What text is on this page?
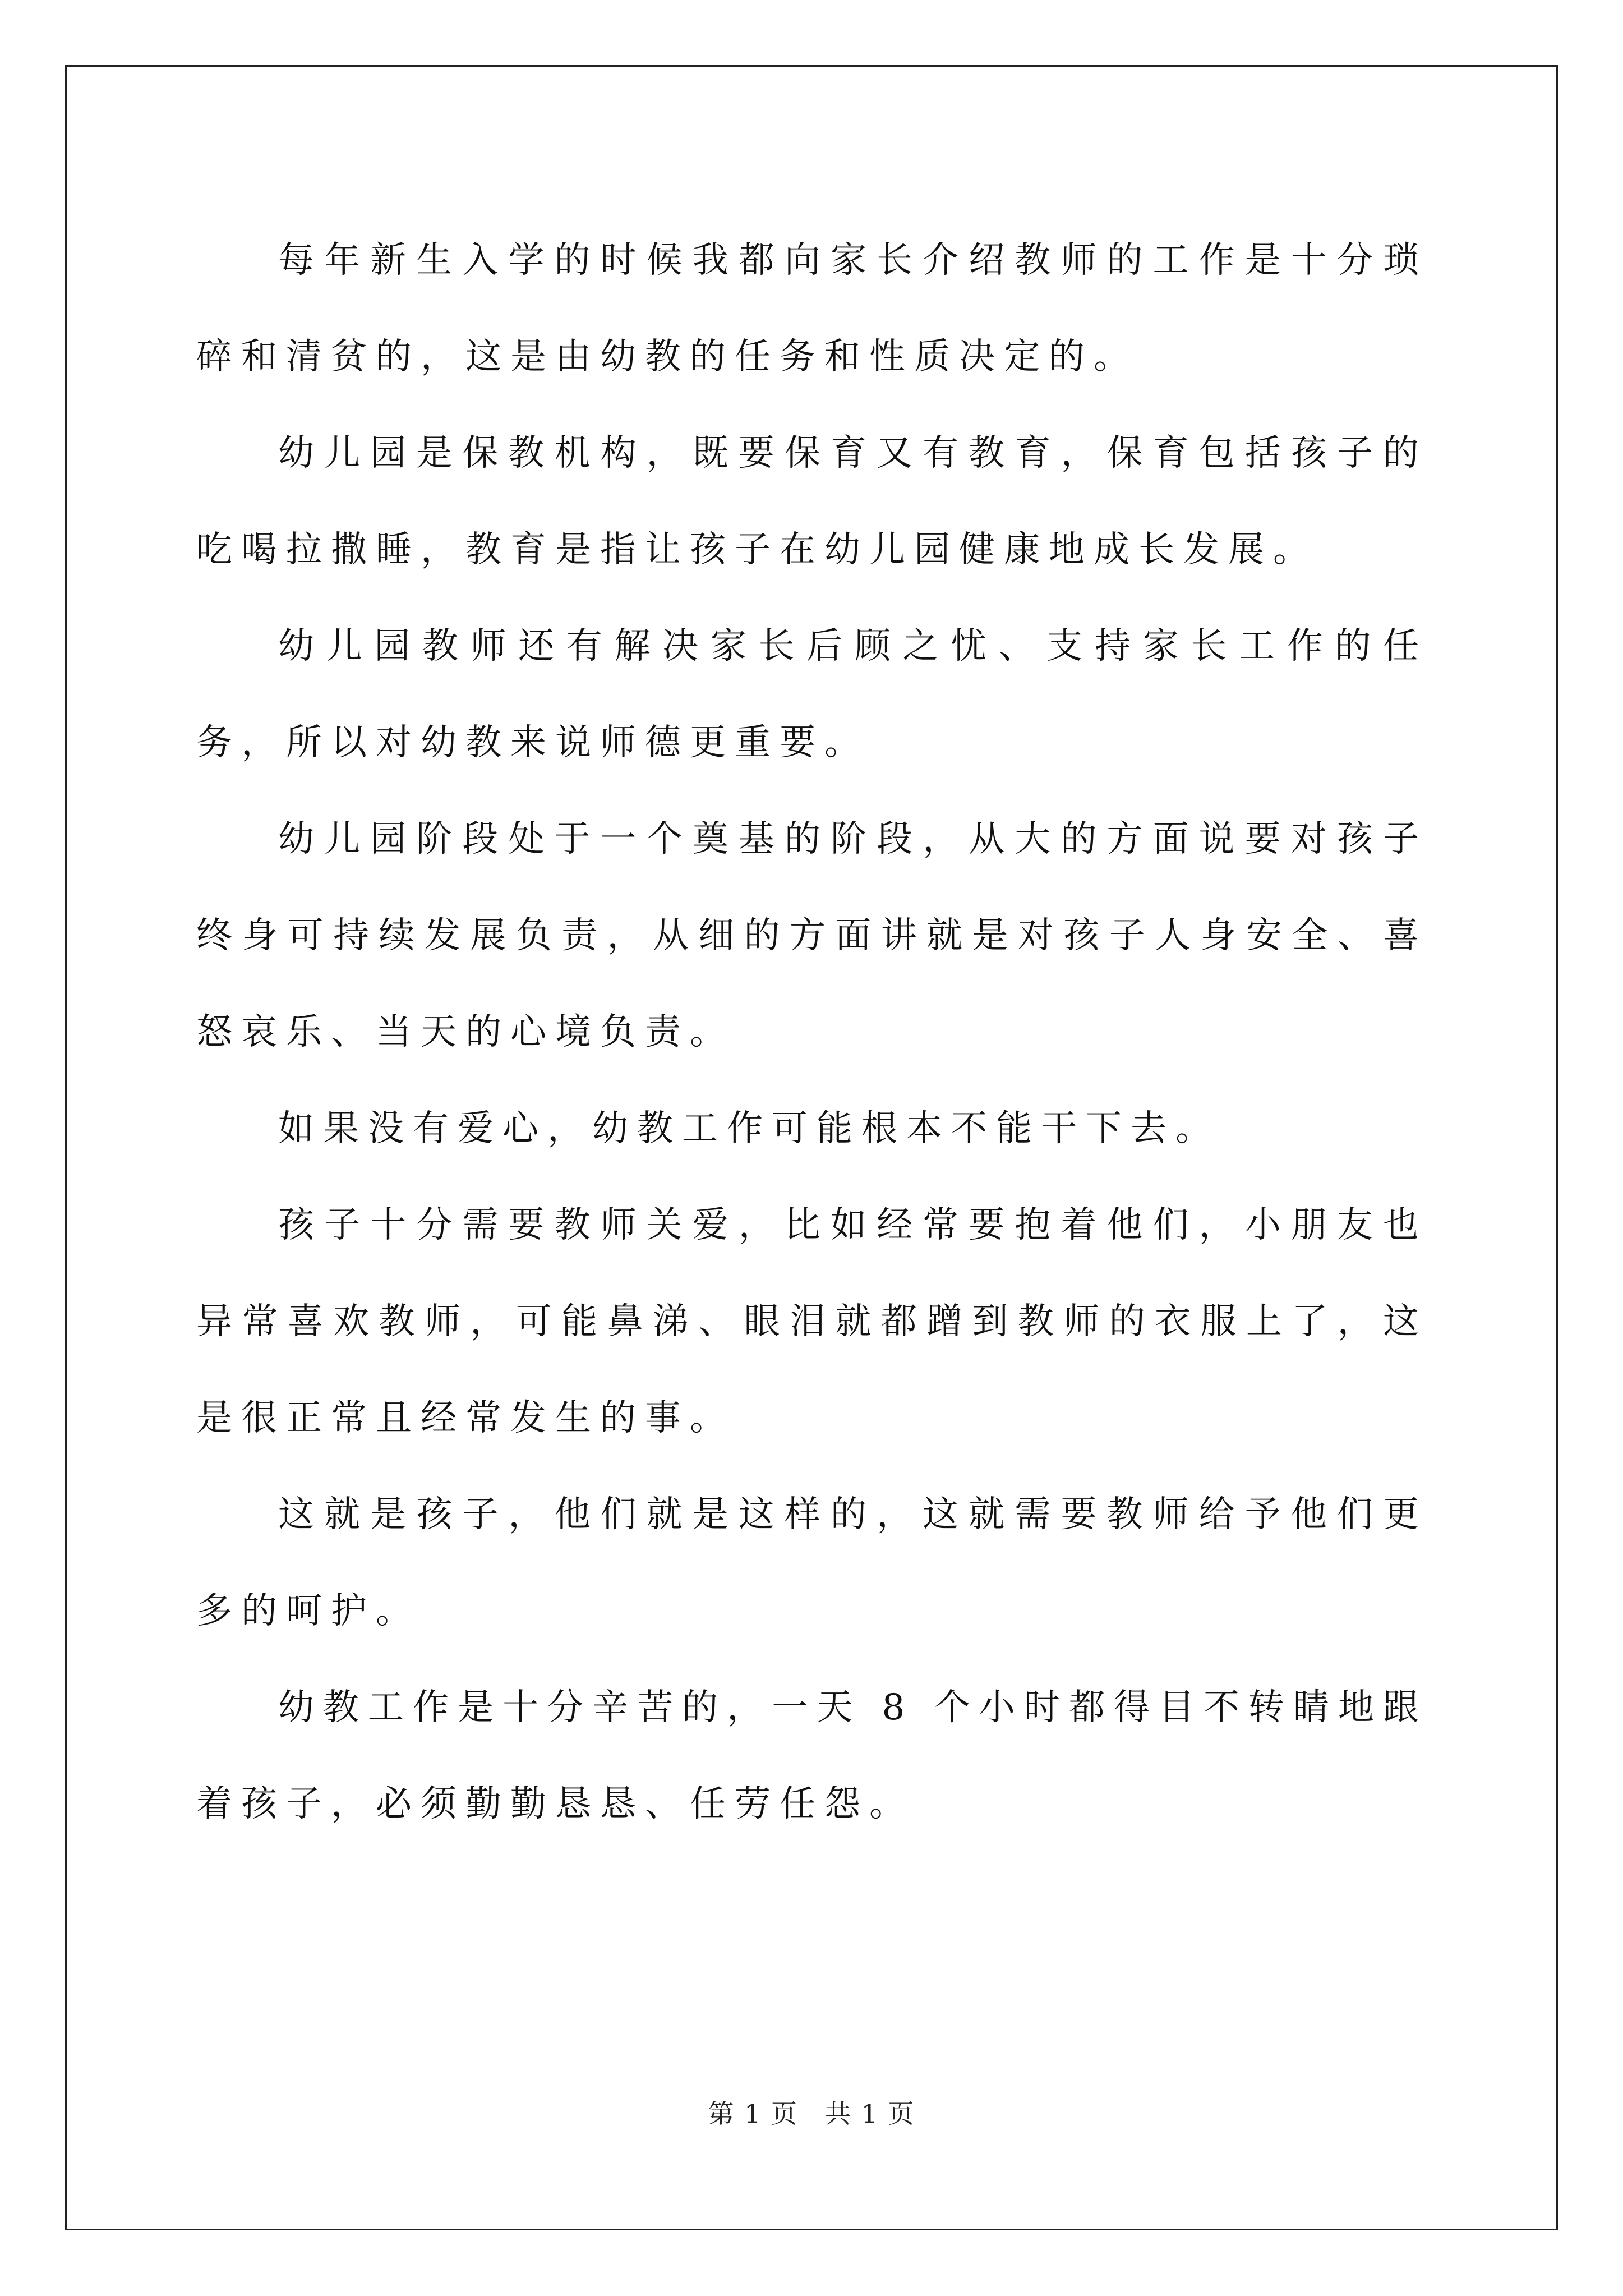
每年新生入学的时候我都向家长介绍教师的工作是十分琐碎和清贫的，这是由幼教的任务和性质决定的。

幼儿园是保教机构，既要保育又有教育，保育包括孩子的吃喝拉撒睡，教育是指让孩子在幼儿园健康地成长发展。

幼儿园教师还有解决家长后顾之忧、支持家长工作的任务，所以对幼教来说师德更重要。

幼儿园阶段处于一个奠基的阶段，从大的方面说要对孩子终身可持续发展负责，从细的方面讲就是对孩子人身安全、喜怒哀乐、当天的心境负责。

如果没有爱心，幼教工作可能根本不能干下去。

孩子十分需要教师关爱，比如经常要抱着他们，小朋友也异常喜欢教师，可能鼻涕、眼泪就都蹭到教师的衣服上了，这是很正常且经常发生的事。

这就是孩子，他们就是这样的，这就需要教师给予他们更多的呵护。

幼教工作是十分辛苦的，一天 8 个小时都得目不转睛地跟着孩子，必须勤勤恳恳、任劳任怨。

第 1 页　共 1 页
